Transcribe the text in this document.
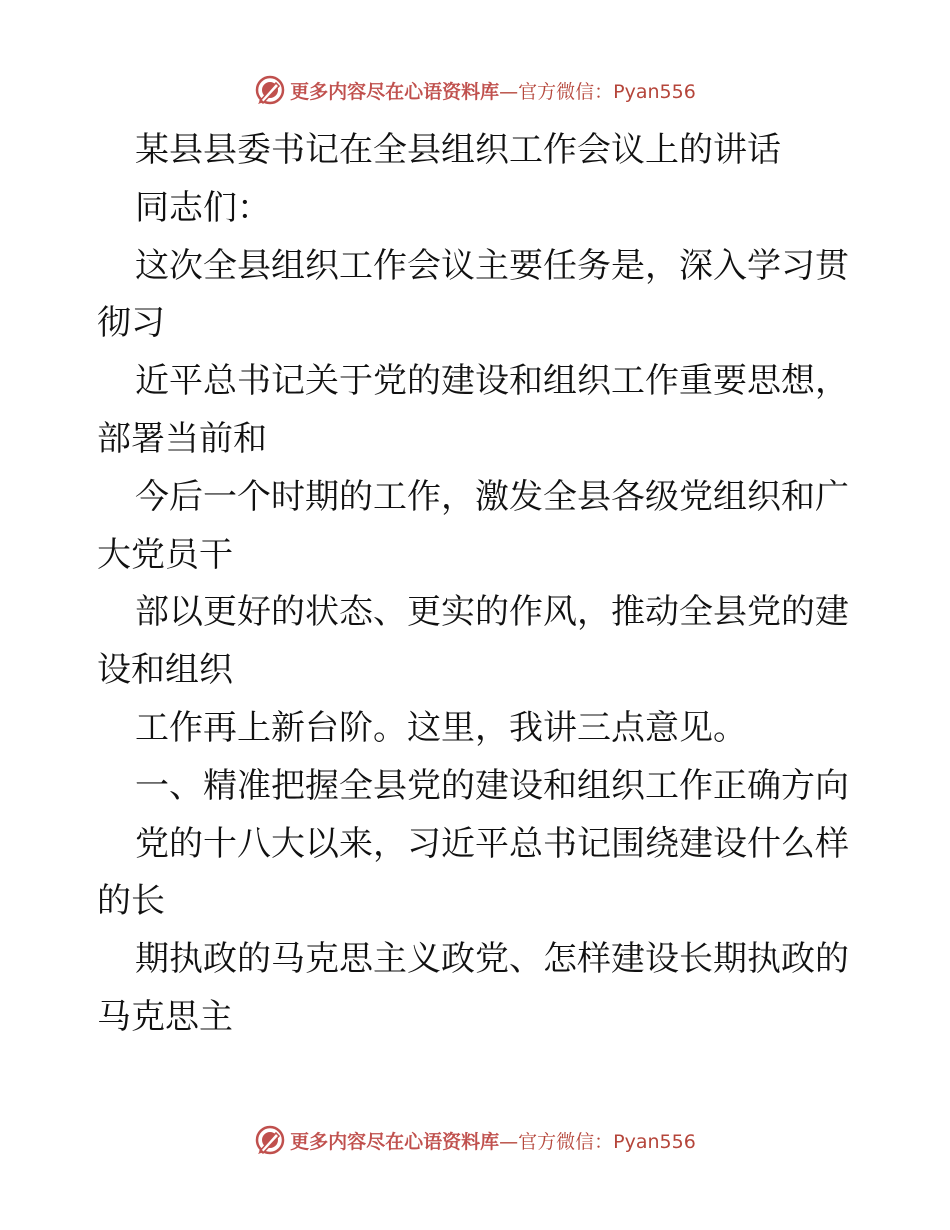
更多内容尽在心语资料库 —官方微信：Pyan556

某县县委书记在全县组织工作会议上的讲话

同志们：

这次全县组织工作会议主要任务是，深入学习贯

彻习

近平总书记关于党的建设和组织工作重要思想，

部署当前和

今后一个时期的工作，激发全县各级党组织和广

大党员干

部以更好的状态、更实的作风，推动全县党的建

设和组织

工作再上新台阶。这里，我讲三点意见。

一、精准把握全县党的建设和组织工作正确方向

党的十八大以来，习近平总书记围绕建设什么样

的长

期执政的马克思主义政党、怎样建设长期执政的

马克思主

更多内容尽在心语资料库 —官方微信：Pyan556
